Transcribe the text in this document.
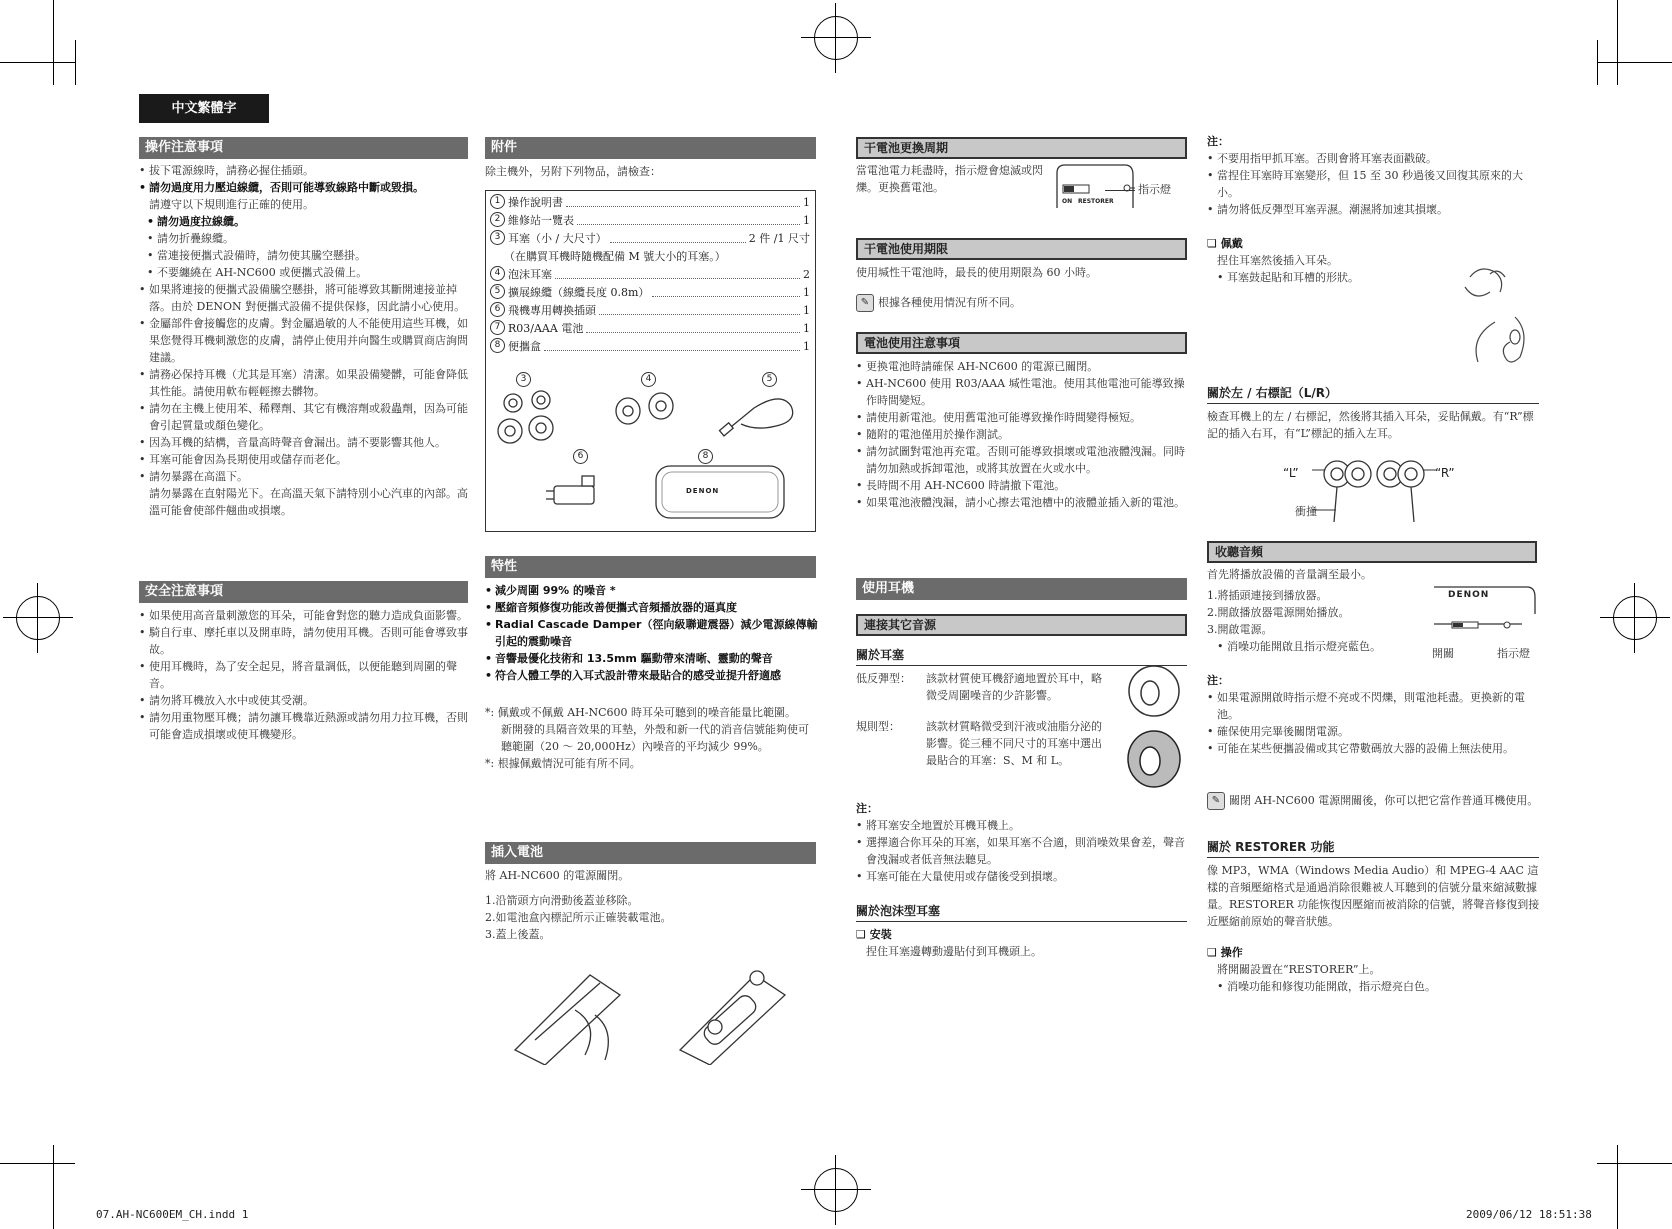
中文繁體字
操作注意事項

• 拔下電源線時，請務必握住插頭。

• 請勿過度用力壓迫線纜，否則可能導致線路中斷或毀損。

請遵守以下規則進行正確的使用。

• 請勿過度拉線纜。

• 請勿折疊線纜。

• 當連接便攜式設備時，請勿使其騰空懸掛。

• 不要纏繞在 AH-NC600 或便攜式設備上。

• 如果將連接的便攜式設備騰空懸掛，將可能導致其斷開連接並掉落。由於 DENON 對便攜式設備不提供保修，因此請小心使用。

• 金屬部件會接觸您的皮膚。對金屬過敏的人不能使用這些耳機，如果您覺得耳機刺激您的皮膚，請停止使用并向醫生或購買商店詢問建議。

• 請務必保持耳機（尤其是耳塞）清潔。如果設備變髒，可能會降低其性能。請使用軟布輕輕擦去髒物。

• 請勿在主機上使用苯、稀釋劑、其它有機溶劑或殺蟲劑，因為可能會引起質量或顏色變化。

• 因為耳機的結構，音量高時聲音會漏出。請不要影響其他人。

• 耳塞可能會因為長期使用或儲存而老化。

• 請勿暴露在高溫下。

請勿暴露在直射陽光下。在高溫天氣下請特別小心汽車的內部。高溫可能會使部件翹曲或損壞。

安全注意事項

• 如果使用高音量刺激您的耳朵，可能會對您的聽力造成負面影響。

• 騎自行車、摩托車以及開車時，請勿使用耳機。否則可能會導致事故。

• 使用耳機時，為了安全起見，將音量調低，以便能聽到周圍的聲音。

• 請勿將耳機放入水中或使其受潮。

• 請勿用重物壓耳機；請勿讓耳機靠近熱源或請勿用力拉耳機，否則可能會造成損壞或使耳機變形。

附件
除主機外，另附下列物品，請檢查：
1 操作說明書	1
2 維修站一覽表	1
3 耳塞（小 / 大尺寸）	2 件 /1 尺寸
（在購買耳機時隨機配備 M 號大小的耳塞。）
4 泡沫耳塞	2
5 擴展線纜（線纜長度 0.8m）	1
6 飛機專用轉換插頭	1
7 R03/AAA 電池	1
8 便攜盒	1
3	4	5
6	8
DENON
特性

• 減少周圍 99% 的噪音 *

• 壓縮音頻修復功能改善便攜式音頻播放器的逼真度

• Radial Cascade Damper（徑向級聯避震器）減少電源線傳輸引起的震動噪音

• 音響最優化技術和 13.5mm 驅動帶來清晰、靈動的聲音

• 符合人體工學的入耳式設計帶來最貼合的感受並提升舒適感

*: 佩戴或不佩戴 AH-NC600 時耳朵可聽到的噪音能量比範圍。

新開發的具隔音效果的耳墊，外殼和新一代的消音信號能夠使可聽範圍（20 ～ 20,000Hz）內噪音的平均減少 99%。

*: 根據佩戴情況可能有所不同。

插入電池

將 AH-NC600 的電源關閉。

1.沿箭頭方向滑動後蓋並移除。

2.如電池盒內標記所示正確裝載電池。

3.蓋上後蓋。

干電池更換周期
當電池電力耗盡時，指示燈會熄滅或閃爍。更換舊電池。
ON RESTORER
指示燈
干電池使用期限
使用堿性干電池時，最長的使用期限為 60 小時。
✎ 根據各種使用情況有所不同。
電池使用注意事項

• 更換電池時請確保 AH-NC600 的電源已關閉。

• AH-NC600 使用 R03/AAA 堿性電池。使用其他電池可能導致操作時間變短。

• 請使用新電池。使用舊電池可能導致操作時間變得極短。

• 隨附的電池僅用於操作測試。

• 請勿試圖對電池再充電。否則可能導致損壞或電池液體洩漏。同時請勿加熱或拆卸電池，或將其放置在火或水中。

• 長時間不用 AH-NC600 時請撤下電池。

• 如果電池液體洩漏，請小心擦去電池槽中的液體並插入新的電池。

使用耳機
連接其它音源
關於耳塞
低反彈型：	該款材質使耳機舒適地置於耳中，略微受周圍噪音的少許影響。
規則型：	該款材質略微受到汗液或油脂分泌的影響。從三種不同尺寸的耳塞中選出最貼合的耳塞：S、M 和 L。

注：

• 將耳塞安全地置於耳機耳機上。

• 選擇適合你耳朵的耳塞，如果耳塞不合適，則消噪效果會差，聲音會洩漏或者低音無法聽見。

• 耳塞可能在大量使用或存儲後受到損壞。

關於泡沫型耳塞

❑ 安裝

捏住耳塞邊轉動邊貼付到耳機頭上。

注：

• 不要用指甲抓耳塞。否則會將耳塞表面戳破。

• 當捏住耳塞時耳塞變形，但 15 至 30 秒過後又回復其原來的大小。

• 請勿將低反彈型耳塞弄濕。潮濕將加速其損壞。

❑ 佩戴

捏住耳塞然後插入耳朵。

• 耳塞鼓起貼和耳槽的形狀。

關於左 / 右標記（L/R）
檢查耳機上的左 / 右標記，然後將其插入耳朵，妥貼佩戴。有“R”標記的插入右耳，有“L”標記的插入左耳。
“L”	“R”
衝撞
收聽音頻

首先將播放設備的音量調至最小。

1.將插頭連接到播放器。

2.開啟播放器電源開始播放。

3.開啟電源。

• 消噪功能開啟且指示燈亮藍色。

DENON
開關	指示燈

注：

• 如果電源開啟時指示燈不亮或不閃爍，則電池耗盡。更換新的電池。

• 確保使用完畢後關閉電源。

• 可能在某些便攜設備或其它帶數碼放大器的設備上無法使用。

✎ 關閉 AH-NC600 電源開關後，你可以把它當作普通耳機使用。
關於 RESTORER 功能
像 MP3，WMA（Windows Media Audio）和 MPEG-4 AAC 這樣的音頻壓縮格式是通過消除很難被人耳聽到的信號分量來縮減數據量。RESTORER 功能恢復因壓縮而被消除的信號，將聲音修復到接近壓縮前原始的聲音狀態。

❑ 操作

將開關設置在“RESTORER”上。

• 消噪功能和修復功能開啟，指示燈亮白色。

07.AH-NC600EM_CH.indd 1	2009/06/12 18:51:38
